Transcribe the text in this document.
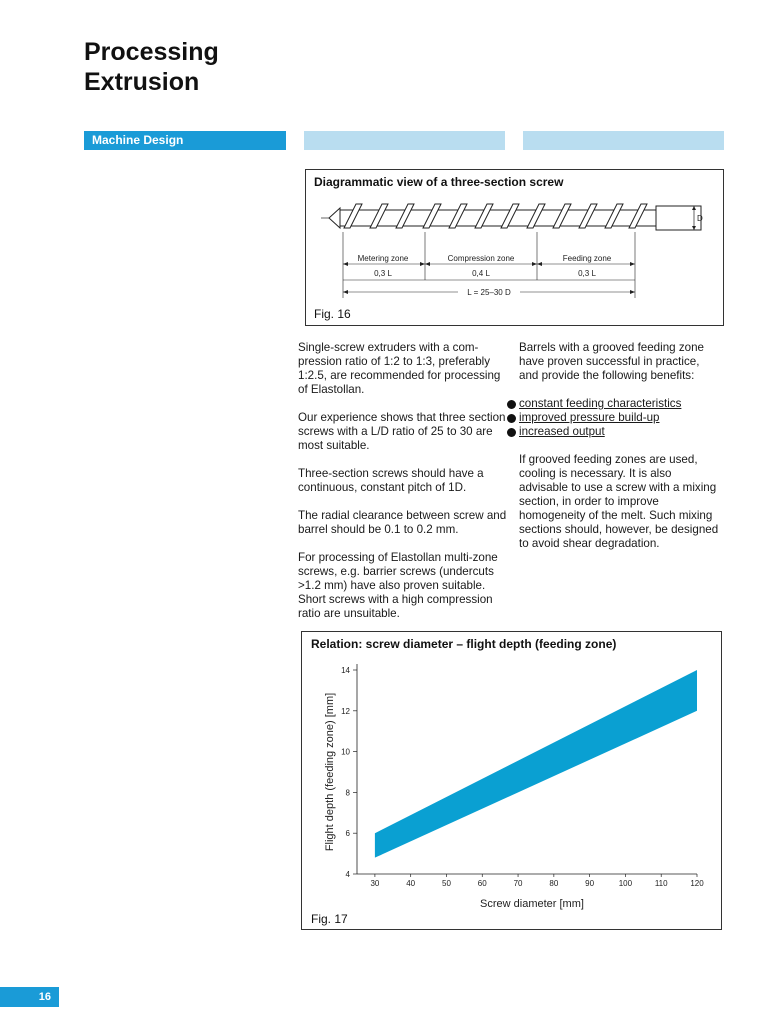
Processing
Extrusion
Machine Design
Diagrammatic view of a three-section screw
D
Metering zone	Compression zone	Feeding zone
0,3 L	0,4 L	0,3 L
L = 25–30 D
Fig. 16

Single-screw extruders with a com-pression ratio of 1:2 to 1:3, preferably 1:2.5, are recommended for processing of Elastollan.

Our experience shows that three section screws with a L/D ratio of 25 to 30 are most suitable.

Three-section screws should have a continuous, constant pitch of 1D.

The radial clearance between screw and barrel should be 0.1 to 0.2 mm.

For processing of Elastollan multi-zone screws, e.g. barrier screws (undercuts >1.2 mm) have also proven suitable. Short screws with a high compression ratio are unsuitable.

Barrels with a grooved feeding zone have proven successful in practice, and provide the following benefits:

constant feeding characteristics
improved pressure build-up
increased output

If grooved feeding zones are used, cooling is necessary. It is also advisable to use a screw with a mixing section, in order to improve homogeneity of the melt. Such mixing sections should, however, be designed to avoid shear degradation.

Relation: screw diameter – flight depth (feeding zone)
30	40	50	60	70	80	90	100	110	120
4
6
8
10
12
14
Screw diameter [mm]
Flight depth (feeding zone) [mm]
Fig. 17
16
